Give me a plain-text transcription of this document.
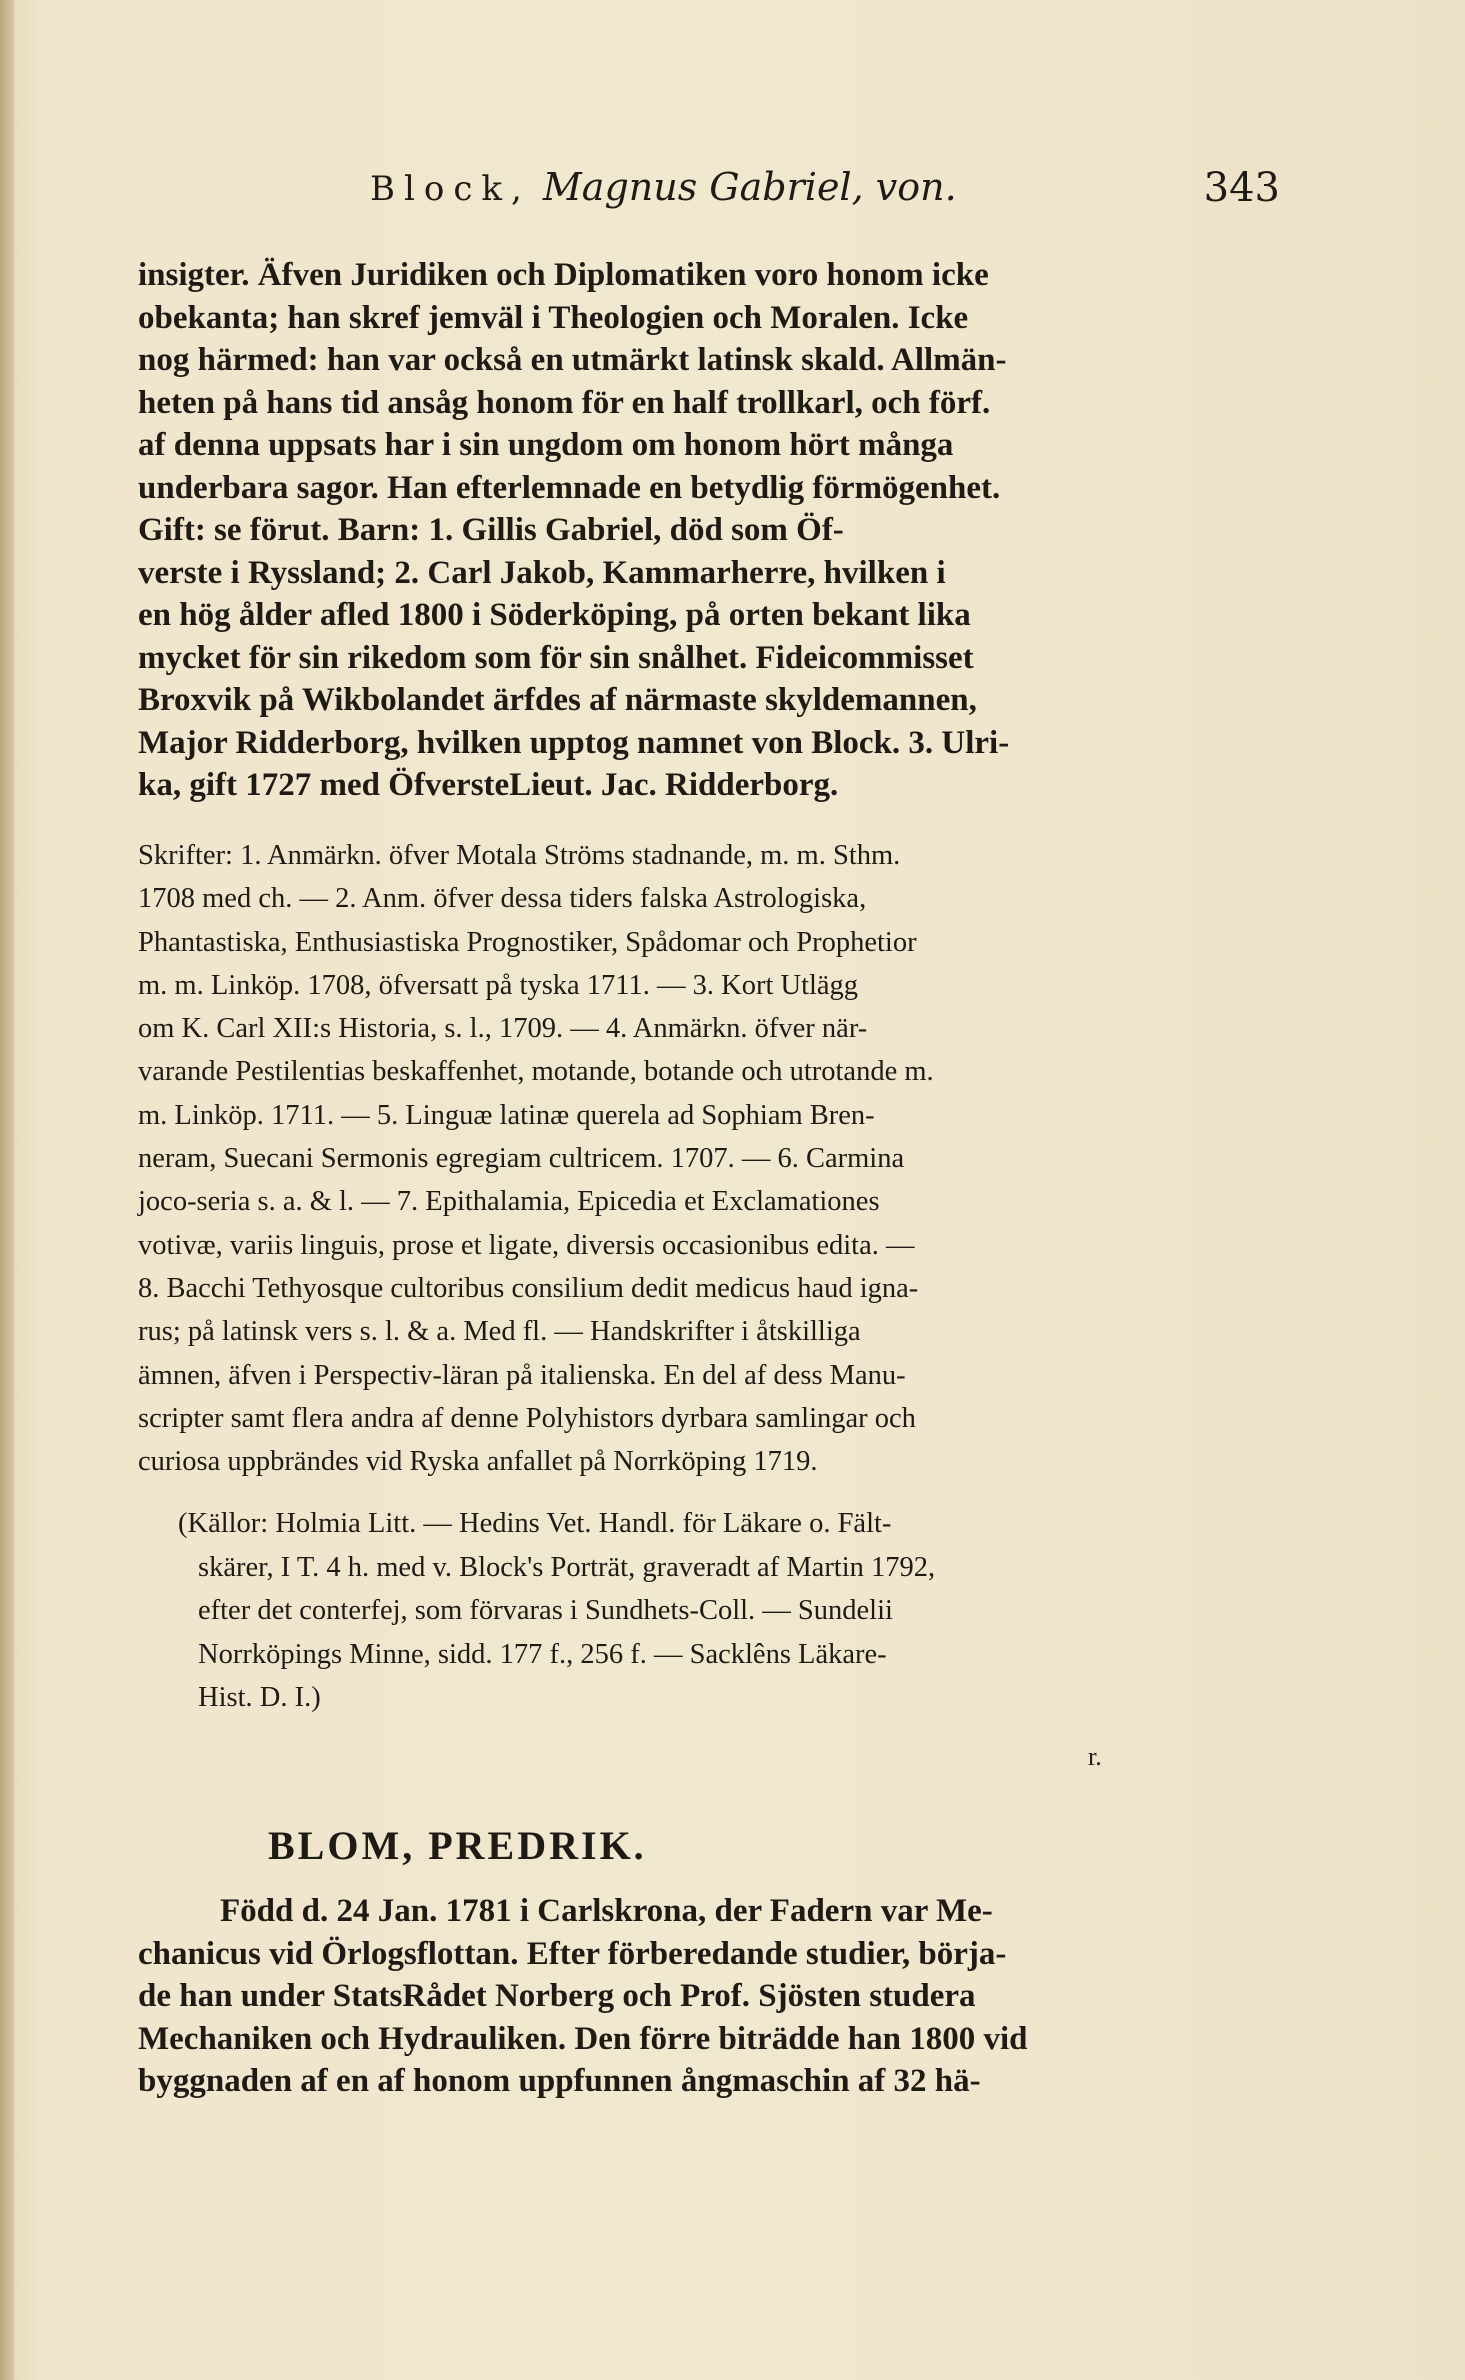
Block, Magnus Gabriel, von.	343
insigter. Äfven Juridiken och Diplomatiken voro honom icke
obekanta; han skref jemväl i Theologien och Moralen. Icke
nog härmed: han var också en utmärkt latinsk skald. Allmän-
heten på hans tid ansåg honom för en half trollkarl, och förf.
af denna uppsats har i sin ungdom om honom hört många
underbara sagor. Han efterlemnade en betydlig förmögenhet.
Gift: se förut. Barn: 1. Gillis Gabriel, död som Öf-
verste i Ryssland; 2. Carl Jakob, Kammarherre, hvilken i
en hög ålder afled 1800 i Söderköping, på orten bekant lika
mycket för sin rikedom som för sin snålhet. Fideicommisset
Broxvik på Wikbolandet ärfdes af närmaste skyldemannen,
Major Ridderborg, hvilken upptog namnet von Block. 3. Ulri-
ka, gift 1727 med ÖfversteLieut. Jac. Ridderborg.
Skrifter: 1. Anmärkn. öfver Motala Ströms stadnande, m. m. Sthm.
1708 med ch. — 2. Anm. öfver dessa tiders falska Astrologiska,
Phantastiska, Enthusiastiska Prognostiker, Spådomar och Prophetior
m. m. Linköp. 1708, öfversatt på tyska 1711. — 3. Kort Utlägg
om K. Carl XII:s Historia, s. l., 1709. — 4. Anmärkn. öfver när-
varande Pestilentias beskaffenhet, motande, botande och utrotande m.
m. Linköp. 1711. — 5. Linguæ latinæ querela ad Sophiam Bren-
neram, Suecani Sermonis egregiam cultricem. 1707. — 6. Carmina
joco-seria s. a. & l. — 7. Epithalamia, Epicedia et Exclamationes
votivæ, variis linguis, prose et ligate, diversis occasionibus edita. —
8. Bacchi Tethyosque cultoribus consilium dedit medicus haud igna-
rus; på latinsk vers s. l. & a. Med fl. — Handskrifter i åtskilliga
ämnen, äfven i Perspectiv-läran på italienska. En del af dess Manu-
scripter samt flera andra af denne Polyhistors dyrbara samlingar och
curiosa uppbrändes vid Ryska anfallet på Norrköping 1719.
(Källor: Holmia Litt. — Hedins Vet. Handl. för Läkare o. Fält-
skärer, I T. 4 h. med v. Block's Porträt, graveradt af Martin 1792,
efter det conterfej, som förvaras i Sundhets-Coll. — Sundelii
Norrköpings Minne, sidd. 177 f., 256 f. — Sacklêns Läkare-
Hist. D. I.)
r.
BLOM, PREDRIK.
Född d. 24 Jan. 1781 i Carlskrona, der Fadern var Me-
chanicus vid Örlogsflottan. Efter förberedande studier, börja-
de han under StatsRådet Norberg och Prof. Sjösten studera
Mechaniken och Hydrauliken. Den förre biträdde han 1800 vid
byggnaden af en af honom uppfunnen ångmaschin af 32 hä-
